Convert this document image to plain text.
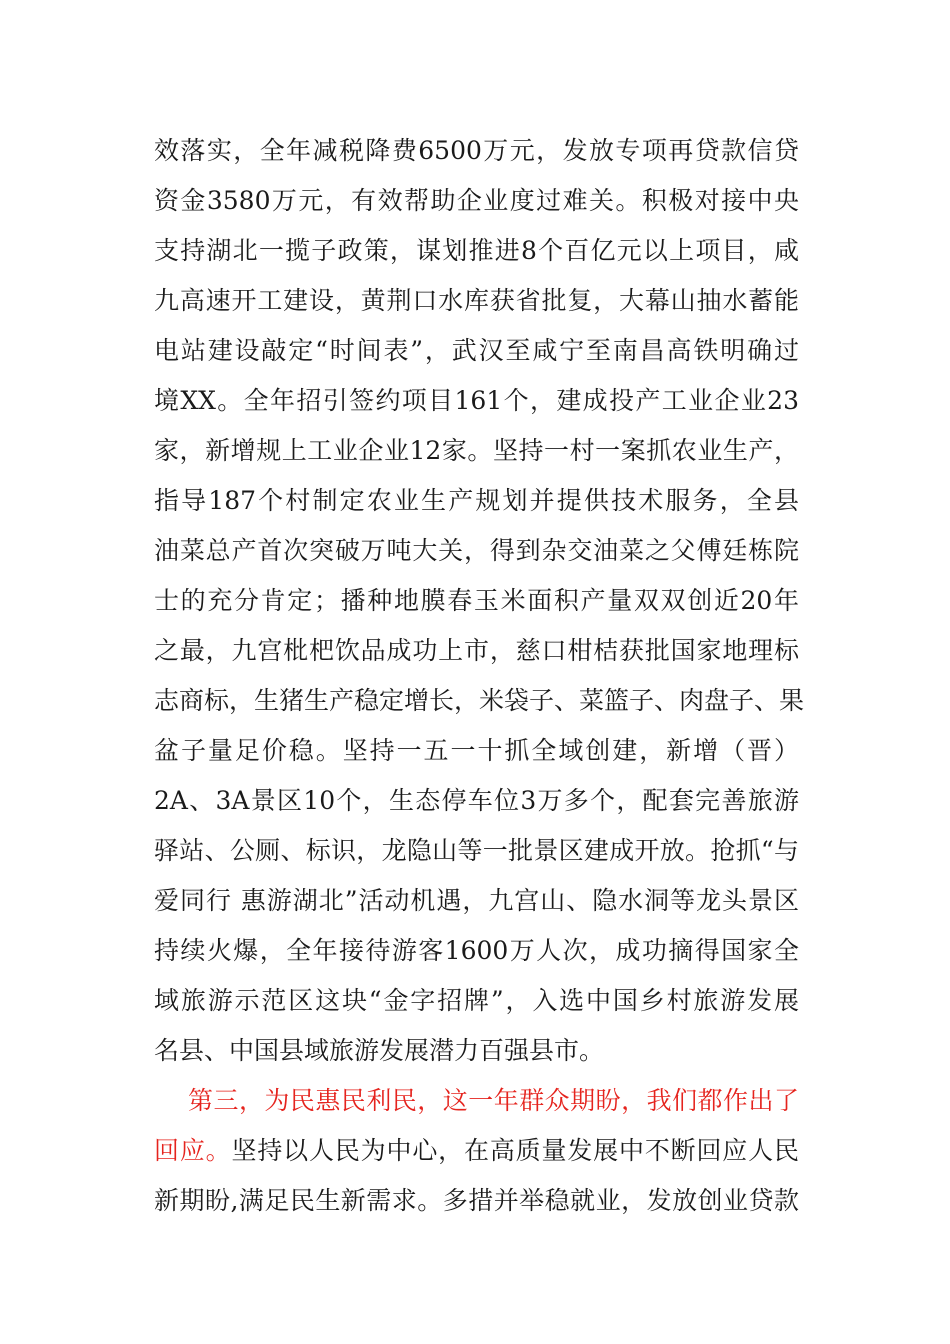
效落实，全年减税降费6500万元，发放专项再贷款信贷
资金3580万元，有效帮助企业度过难关。积极对接中央
支持湖北一揽子政策，谋划推进8个百亿元以上项目，咸
九高速开工建设，黄荆口水库获省批复，大幕山抽水蓄能
电站建设敲定“时间表”，武汉至咸宁至南昌高铁明确过
境XX。全年招引签约项目161个，建成投产工业企业23
家，新增规上工业企业12家。坚持一村一案抓农业生产，
指导187个村制定农业生产规划并提供技术服务，全县
油菜总产首次突破万吨大关，得到杂交油菜之父傅廷栋院
士的充分肯定；播种地膜春玉米面积产量双双创近20年
之最，九宫枇杷饮品成功上市，慈口柑桔获批国家地理标
志商标，生猪生产稳定增长，米袋子、菜篮子、肉盘子、果
盆子量足价稳。坚持一五一十抓全域创建，新增（晋）
2A、3A景区10个，生态停车位3万多个，配套完善旅游
驿站、公厕、标识，龙隐山等一批景区建成开放。抢抓“与
爱同行 惠游湖北”活动机遇，九宫山、隐水洞等龙头景区
持续火爆，全年接待游客1600万人次，成功摘得国家全
域旅游示范区这块“金字招牌”，入选中国乡村旅游发展
名县、中国县域旅游发展潜力百强县市。
第三，为民惠民利民，这一年群众期盼，我们都作出了
回应。坚持以人民为中心，在高质量发展中不断回应人民
新期盼,满足民生新需求。多措并举稳就业，发放创业贷款
